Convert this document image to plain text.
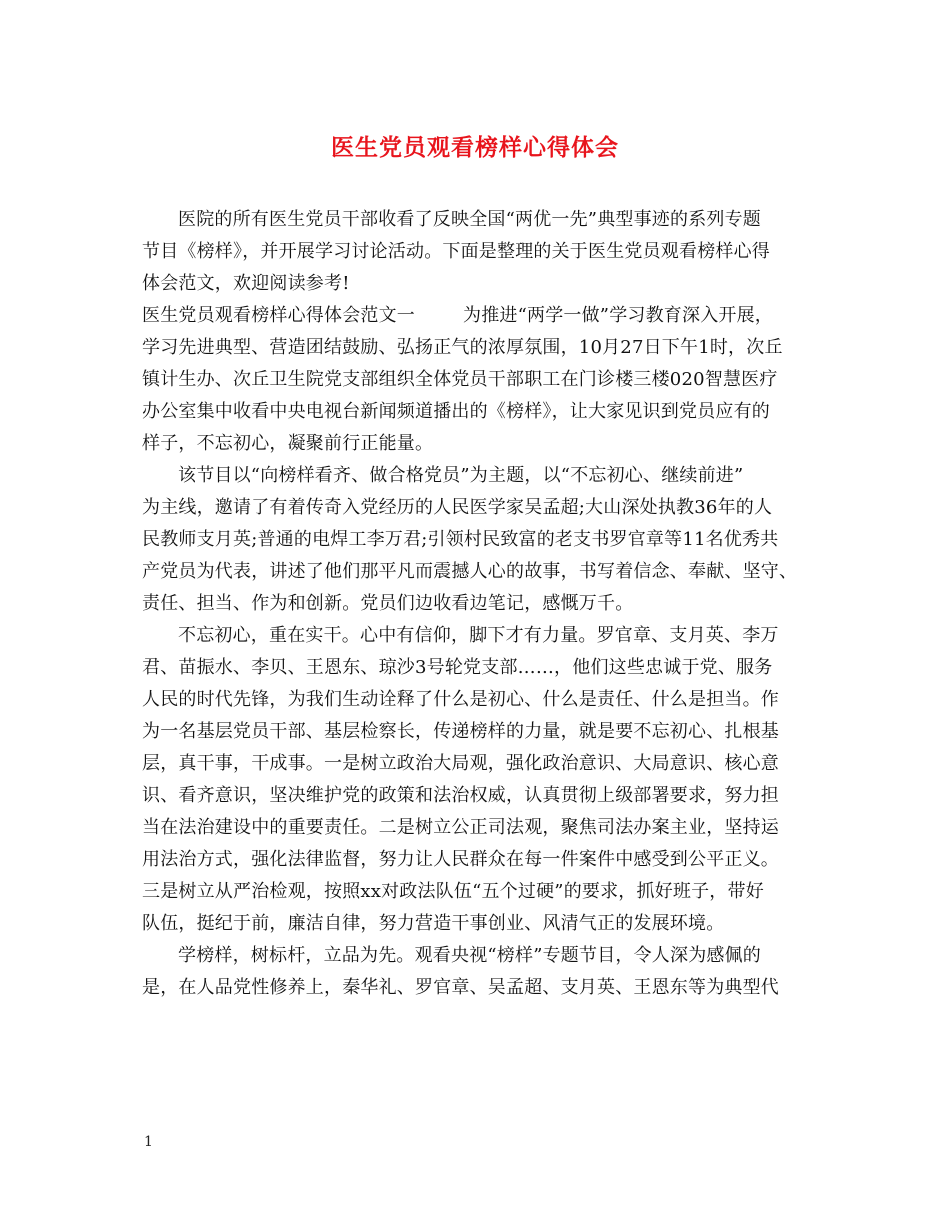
医生党员观看榜样心得体会
医院的所有医生党员干部收看了反映全国“两优一先”典型事迹的系列专题
节目《榜样》，并开展学习讨论活动。下面是整理的关于医生党员观看榜样心得
体会范文，欢迎阅读参考!
医生党员观看榜样心得体会范文一	为推进“两学一做”学习教育深入开展，
学习先进典型、营造团结鼓励、弘扬正气的浓厚氛围，10月27日下午1时，次丘
镇计生办、次丘卫生院党支部组织全体党员干部职工在门诊楼三楼020智慧医疗
办公室集中收看中央电视台新闻频道播出的《榜样》，让大家见识到党员应有的
样子，不忘初心，凝聚前行正能量。
该节目以“向榜样看齐、做合格党员”为主题，以“不忘初心、继续前进”
为主线，邀请了有着传奇入党经历的人民医学家吴孟超;大山深处执教36年的人
民教师支月英;普通的电焊工李万君;引领村民致富的老支书罗官章等11名优秀共
产党员为代表，讲述了他们那平凡而震撼人心的故事，书写着信念、奉献、坚守、
责任、担当、作为和创新。党员们边收看边笔记，感慨万千。
不忘初心，重在实干。心中有信仰，脚下才有力量。罗官章、支月英、李万
君、苗振水、李贝、王恩东、琼沙3号轮党支部……，他们这些忠诚于党、服务
人民的时代先锋，为我们生动诠释了什么是初心、什么是责任、什么是担当。作
为一名基层党员干部、基层检察长，传递榜样的力量，就是要不忘初心、扎根基
层，真干事，干成事。一是树立政治大局观，强化政治意识、大局意识、核心意
识、看齐意识，坚决维护党的政策和法治权威，认真贯彻上级部署要求，努力担
当在法治建设中的重要责任。二是树立公正司法观，聚焦司法办案主业，坚持运
用法治方式，强化法律监督，努力让人民群众在每一件案件中感受到公平正义。
三是树立从严治检观，按照xx对政法队伍“五个过硬”的要求，抓好班子，带好
队伍，挺纪于前，廉洁自律，努力营造干事创业、风清气正的发展环境。
学榜样，树标杆，立品为先。观看央视“榜样”专题节目，令人深为感佩的
是，在人品党性修养上，秦华礼、罗官章、吴孟超、支月英、王恩东等为典型代
1
